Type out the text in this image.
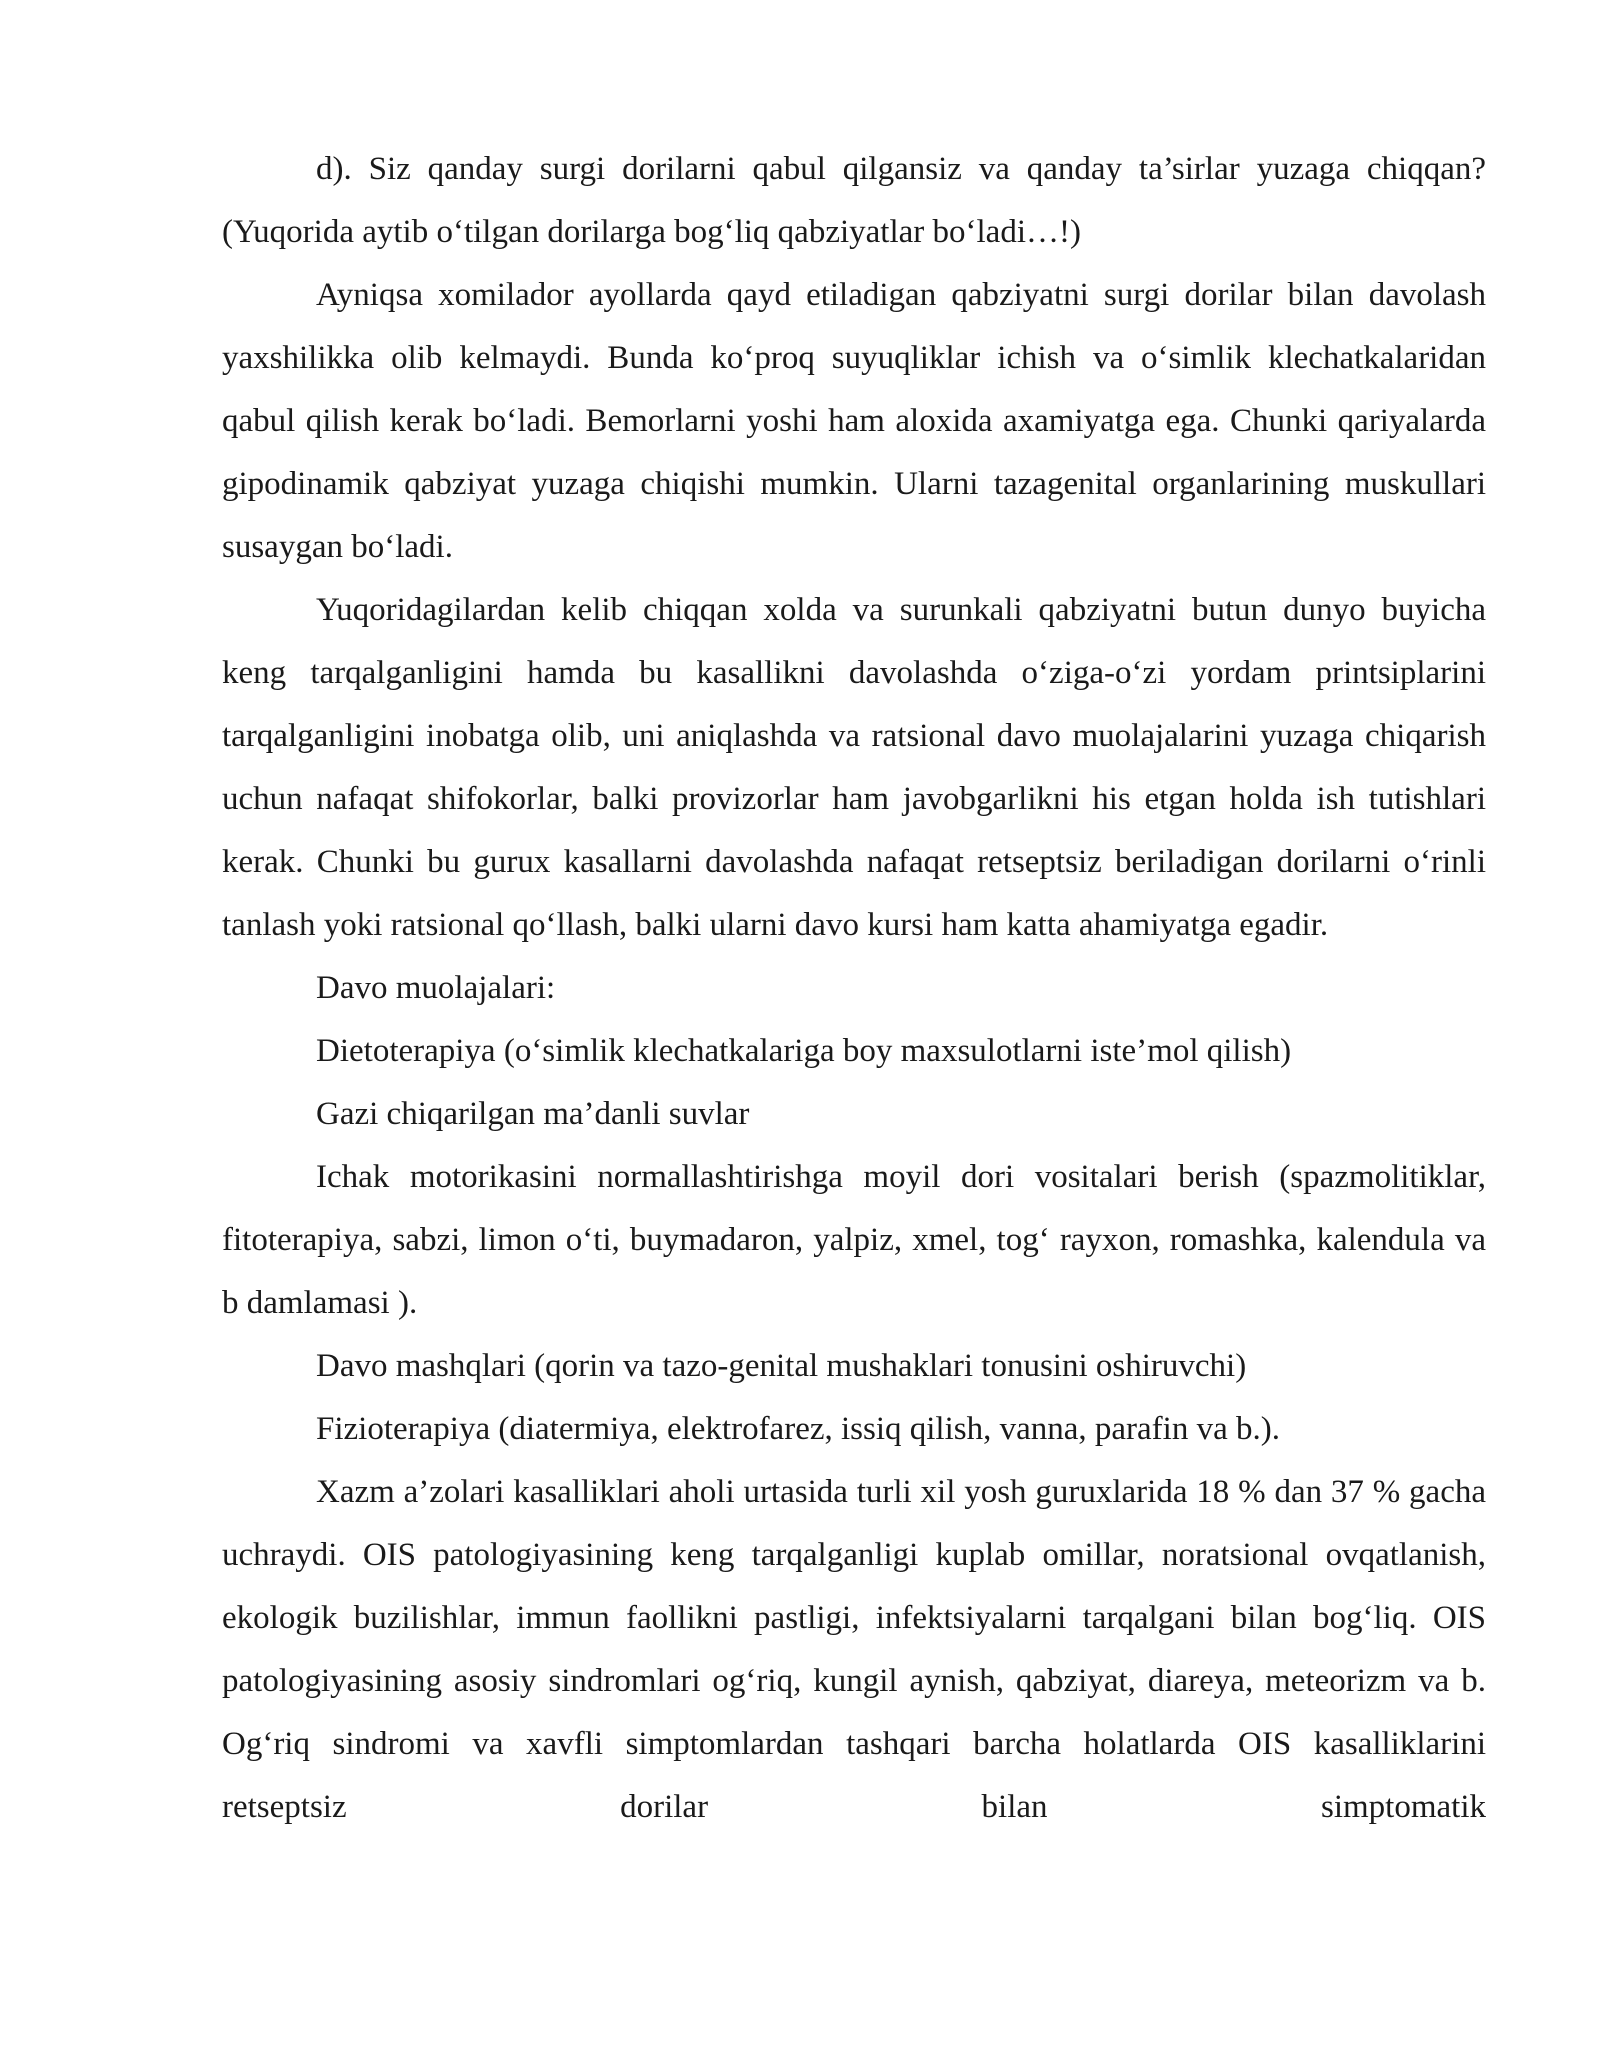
d). Siz qanday surgi dorilarni qabul qilgansiz va qanday ta’sirlar yuzaga chiqqan? (Yuqorida aytib o‘tilgan dorilarga bog‘liq qabziyatlar bo‘ladi…!)

Ayniqsa xomilador ayollarda qayd etiladigan qabziyatni surgi dorilar bilan davolash yaxshilikka olib kelmaydi. Bunda ko‘proq suyuqliklar ichish va o‘simlik klechatkalaridan qabul qilish kerak bo‘ladi. Bemorlarni yoshi ham aloxida axamiyatga ega. Chunki qariyalarda gipodinamik qabziyat yuzaga chiqishi mumkin. Ularni tazagenital organlarining muskullari susaygan bo‘ladi.

Yuqoridagilardan kelib chiqqan xolda va surunkali qabziyatni butun dunyo buyicha keng tarqalganligini hamda bu kasallikni davolashda o‘ziga-o‘zi yordam printsiplarini tarqalganligini inobatga olib, uni aniqlashda va ratsional davo muolajalarini yuzaga chiqarish uchun nafaqat shifokorlar, balki provizorlar ham javobgarlikni his etgan holda ish tutishlari kerak. Chunki bu gurux kasallarni davolashda nafaqat retseptsiz beriladigan dorilarni o‘rinli tanlash yoki ratsional qo‘llash, balki ularni davo kursi ham katta ahamiyatga egadir.

Davo muolajalari:

Dietoterapiya (o‘simlik klechatkalariga boy maxsulotlarni iste’mol qilish)

Gazi chiqarilgan ma’danli suvlar

Ichak motorikasini normallashtirishga moyil dori vositalari berish (spazmolitiklar, fitoterapiya, sabzi, limon o‘ti, buymadaron, yalpiz, xmel, tog‘ rayxon, romashka, kalendula va b damlamasi ).

Davo mashqlari (qorin va tazo-genital mushaklari tonusini oshiruvchi)

Fizioterapiya (diatermiya, elektrofarez, issiq qilish, vanna, parafin va b.).

Xazm a’zolari kasalliklari aholi urtasida turli xil yosh guruxlarida 18 % dan 37 % gacha uchraydi. OIS patologiyasining keng tarqalganligi kuplab omillar, noratsional ovqatlanish, ekologik buzilishlar, immun faollikni pastligi, infektsiyalarni tarqalgani bilan bog‘liq. OIS patologiyasining asosiy sindromlari og‘riq, kungil aynish, qabziyat, diareya, meteorizm va b. Og‘riq sindromi va xavfli simptomlardan tashqari barcha holatlarda OIS kasalliklarini retseptsiz dorilar bilan simptomatik
